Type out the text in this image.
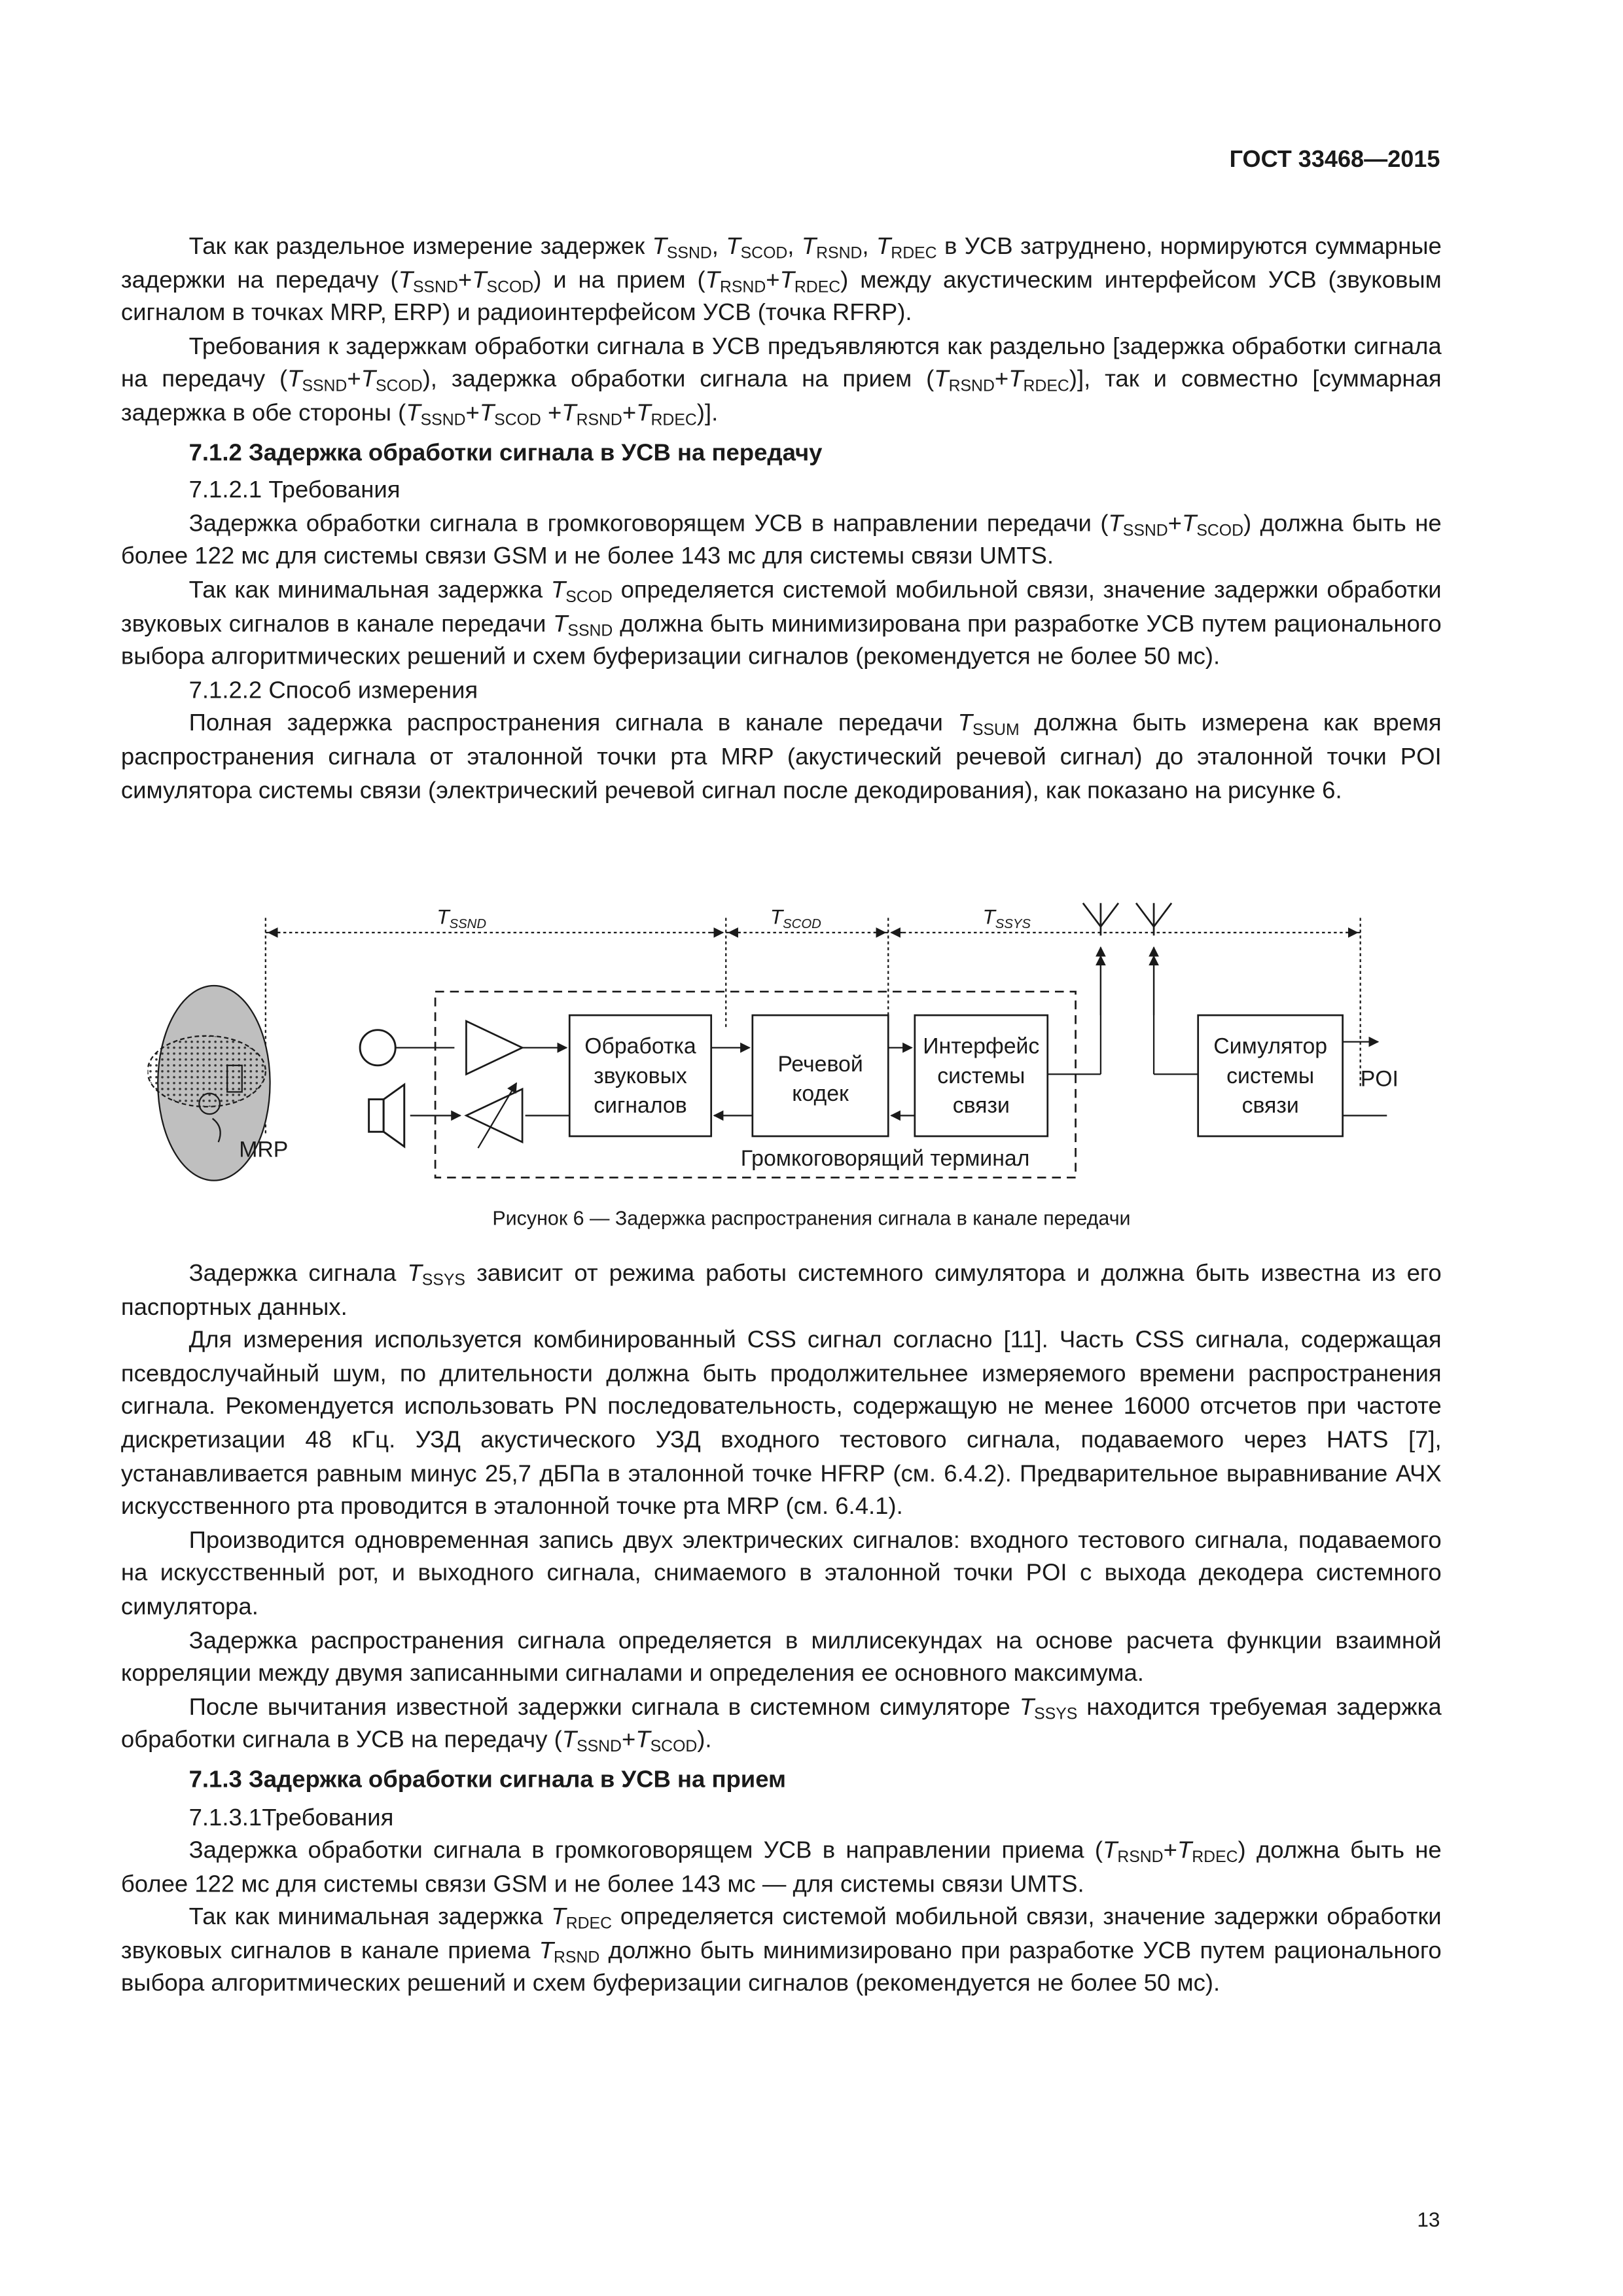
ГОСТ 33468—2015

Так как раздельное измерение задержек $T_{SSND}$, $T_{SCOD}$, $T_{RSND}$, $T_{RDEC}$ в УСВ затруднено, нормируются суммарные задержки на передачу $(T_{SSND}+T_{SCOD})$ и на прием $(T_{RSND}+T_{RDEC})$ между акустическим интерфейсом УСВ (звуковым сигналом в точках MRP, ERP) и радиоинтерфейсом УСВ (точка RFRP).

Требования к задержкам обработки сигнала в УСВ предъявляются как раздельно [задержка обработки сигнала на передачу $(T_{SSND}+T_{SCOD})$, задержка обработки сигнала на прием $(T_{RSND}+T_{RDEC})$], так и совместно [суммарная задержка в обе стороны $(T_{SSND}+T_{SCOD} +T_{RSND}+T_{RDEC})$].

7.1.2 Задержка обработки сигнала в УСВ на передачу

7.1.2.1 Требования

Задержка обработки сигнала в громкоговорящем УСВ в направлении передачи $(T_{SSND}+T_{SCOD})$ должна быть не более 122 мс для системы связи GSM и не более 143 мс для системы связи UMTS.

Так как минимальная задержка $T_{SCOD}$ определяется системой мобильной связи, значение задержки обработки звуковых сигналов в канале передачи $T_{SSND}$ должна быть минимизирована при разработке УСВ путем рационального выбора алгоритмических решений и схем буферизации сигналов (рекомендуется не более 50 мс).

7.1.2.2 Способ измерения

Полная задержка распространения сигнала в канале передачи $T_{SSUM}$ должна быть измерена как время распространения сигнала от эталонной точки рта MRP (акустический речевой сигнал) до эталонной точки POI симулятора системы связи (электрический речевой сигнал после декодирования), как показано на рисунке 6.

$T_{SSND}$	$T_{SCOD}$	$T_{SSYS}$
MRP	Громкоговорящий терминал
Обработка
звуковых
сигналов
Речевой
кодек
Интерфейс
системы
связи
Симулятор
системы
связи
POI
Рисунок 6 — Задержка распространения сигнала в канале передачи

Задержка сигнала $T_{SSYS}$ зависит от режима работы системного симулятора и должна быть известна из его паспортных данных.

Для измерения используется комбинированный CSS сигнал согласно [11]. Часть CSS сигнала, содержащая псевдослучайный шум, по длительности должна быть продолжительнее измеряемого времени распространения сигнала. Рекомендуется использовать PN последовательность, содержащую не менее 16000 отсчетов при частоте дискретизации 48 кГц. УЗД акустического УЗД входного тестового сигнала, подаваемого через HATS [7], устанавливается равным минус 25,7 дБПа в эталонной точке HFRP (см. 6.4.2). Предварительное выравнивание АЧХ искусственного рта проводится в эталонной точке рта MRP (см. 6.4.1).

Производится одновременная запись двух электрических сигналов: входного тестового сигнала, подаваемого на искусственный рот, и выходного сигнала, снимаемого в эталонной точки POI с выхода декодера системного симулятора.

Задержка распространения сигнала определяется в миллисекундах на основе расчета функции взаимной корреляции между двумя записанными сигналами и определения ее основного максимума.

После вычитания известной задержки сигнала в системном симуляторе $T_{SSYS}$ находится требуемая задержка обработки сигнала в УСВ на передачу $(T_{SSND}+T_{SCOD})$.

7.1.3 Задержка обработки сигнала в УСВ на прием

7.1.3.1Требования

Задержка обработки сигнала в громкоговорящем УСВ в направлении приема $(T_{RSND}+T_{RDEC})$ должна быть не более 122 мс для системы связи GSM и не более 143 мс — для системы связи UMTS.

Так как минимальная задержка $T_{RDEC}$ определяется системой мобильной связи, значение задержки обработки звуковых сигналов в канале приема $T_{RSND}$ должно быть минимизировано при разработке УСВ путем рационального выбора алгоритмических решений и схем буферизации сигналов (рекомендуется не более 50 мс).

13
